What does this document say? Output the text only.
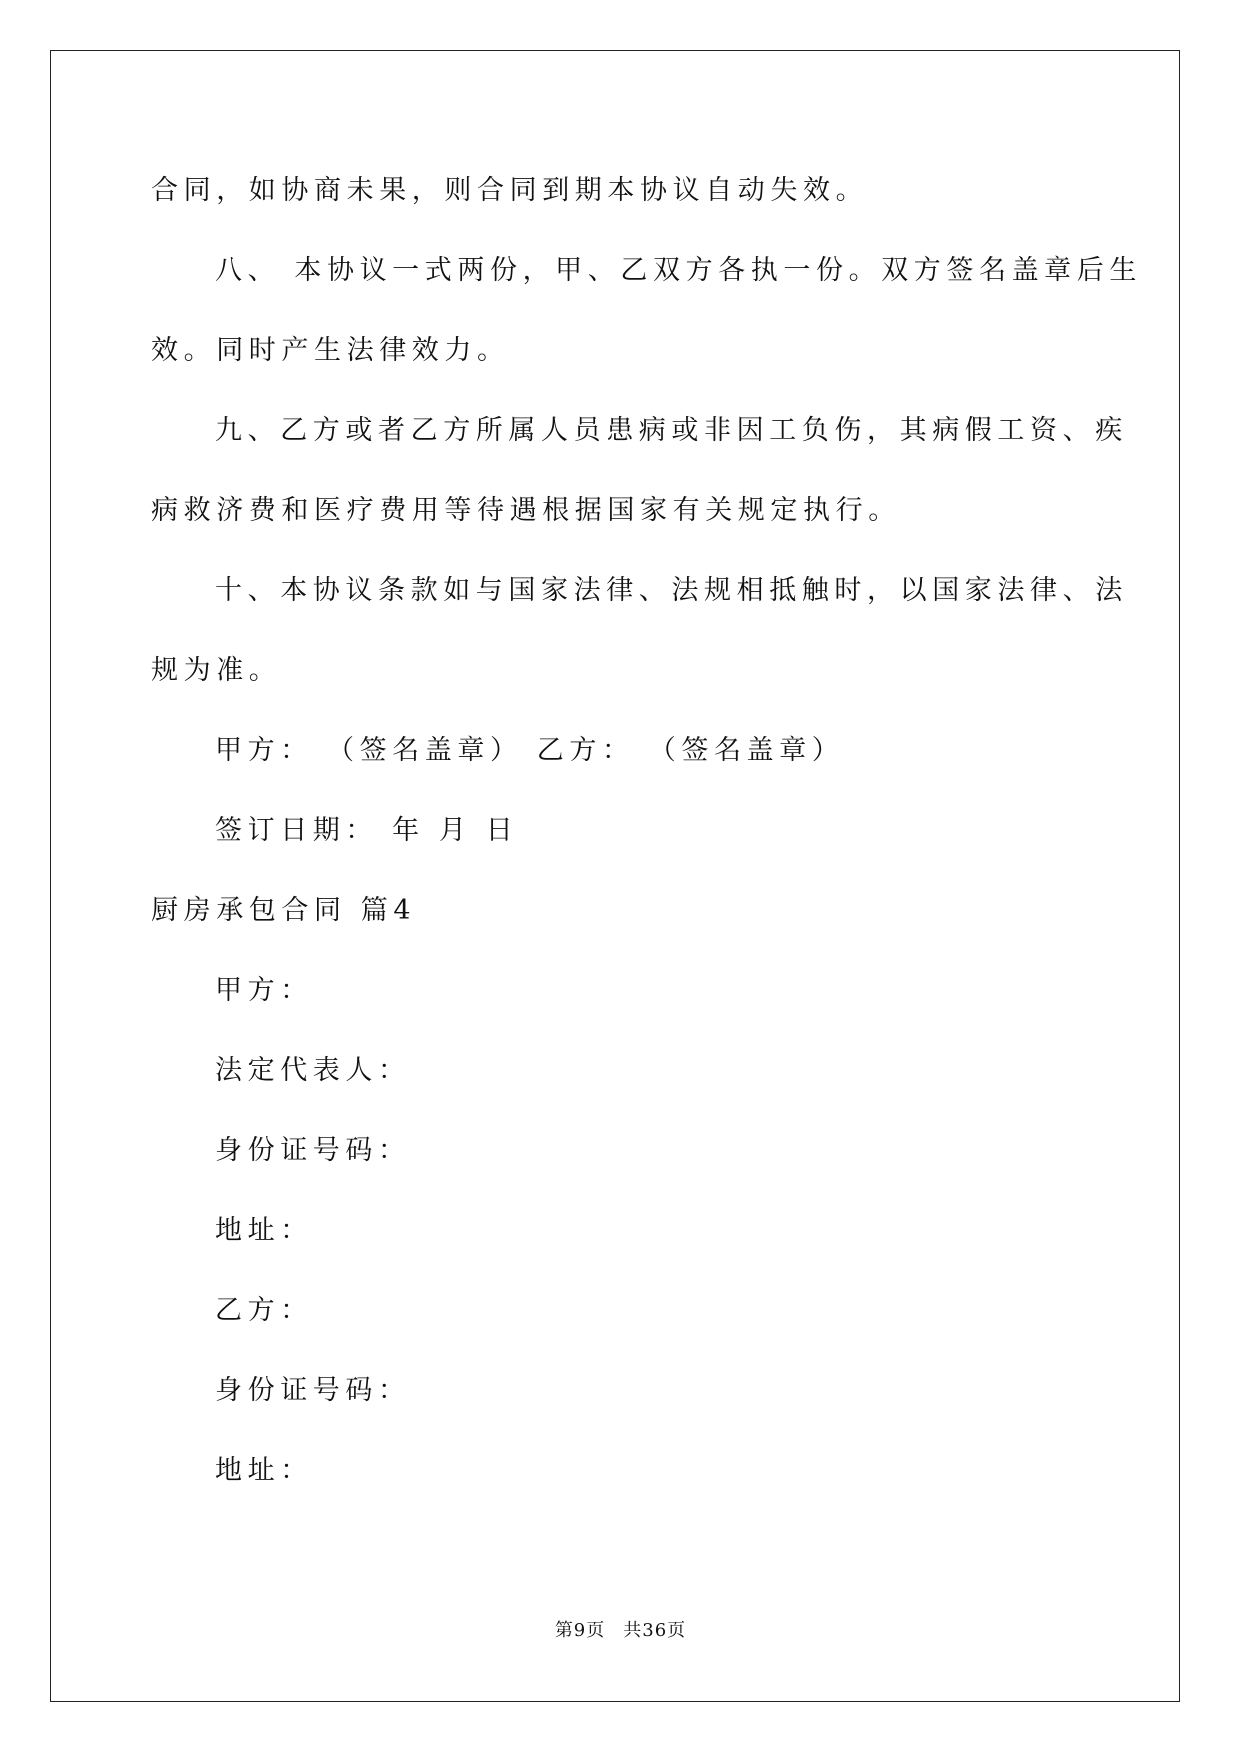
合同，如协商未果，则合同到期本协议自动失效。
八、 本协议一式两份，甲、乙双方各执一份。双方签名盖章后生
效。同时产生法律效力。
九、乙方或者乙方所属人员患病或非因工负伤，其病假工资、疾
病救济费和医疗费用等待遇根据国家有关规定执行。
十、本协议条款如与国家法律、法规相抵触时，以国家法律、法
规为准。
甲方： （签名盖章） 乙方： （签名盖章）
签订日期： 年 月 日
厨房承包合同 篇4
甲方：
法定代表人：
身份证号码：
地址：
乙方：
身份证号码：
地址：
第9页 共36页
